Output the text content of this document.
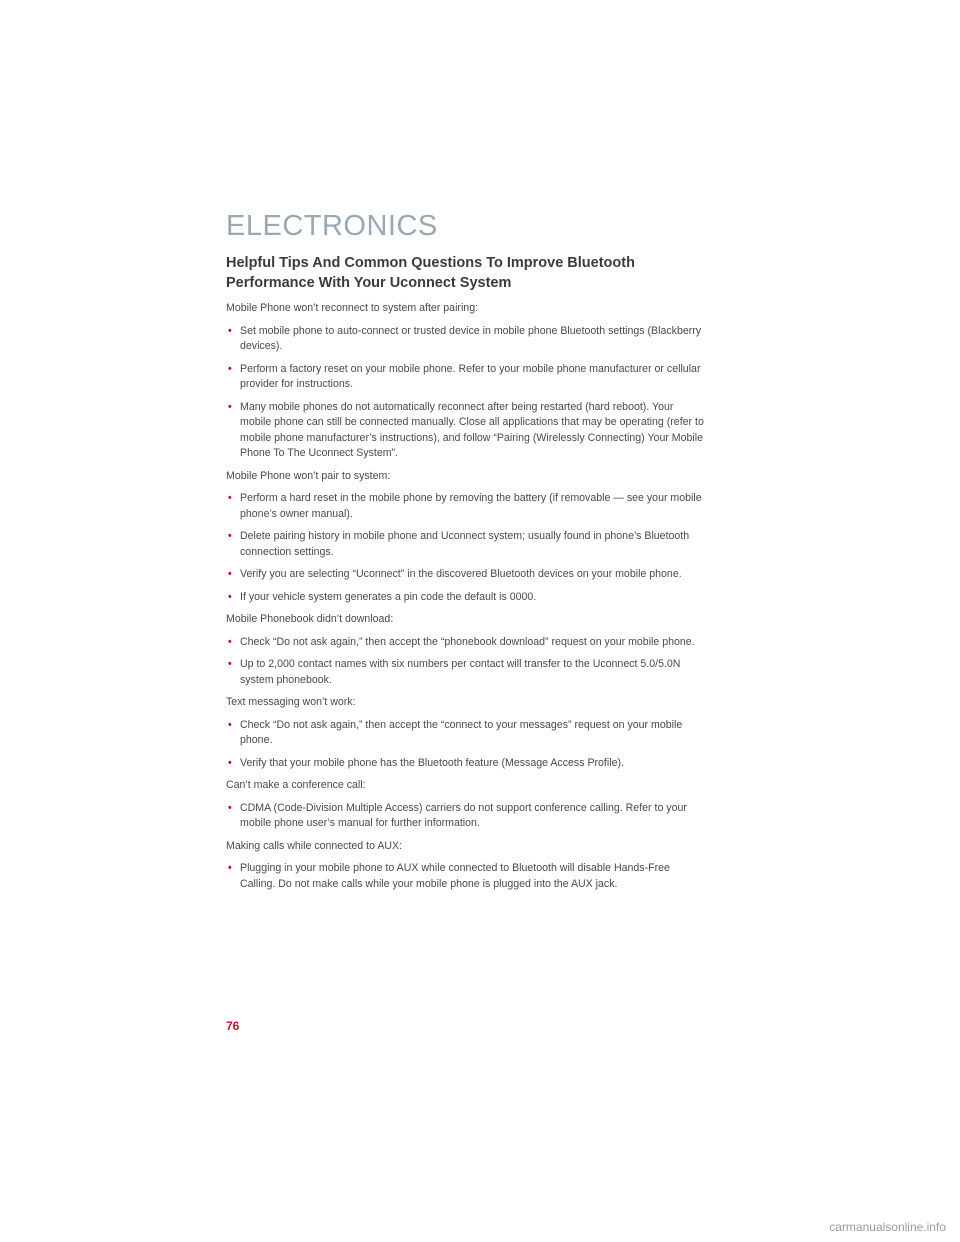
ELECTRONICS
Helpful Tips And Common Questions To Improve Bluetooth Performance With Your Uconnect System

Mobile Phone won’t reconnect to system after pairing:

• Set mobile phone to auto-connect or trusted device in mobile phone Bluetooth settings (Blackberry devices).
• Perform a factory reset on your mobile phone. Refer to your mobile phone manufacturer or cellular provider for instructions.
• Many mobile phones do not automatically reconnect after being restarted (hard reboot). Your mobile phone can still be connected manually. Close all applications that may be operating (refer to mobile phone manufacturer’s instructions), and follow “Pairing (Wirelessly Connecting) Your Mobile Phone To The Uconnect System”.

Mobile Phone won’t pair to system:

• Perform a hard reset in the mobile phone by removing the battery (if removable — see your mobile phone’s owner manual).
• Delete pairing history in mobile phone and Uconnect system; usually found in phone’s Bluetooth connection settings.
• Verify you are selecting “Uconnect” in the discovered Bluetooth devices on your mobile phone.
• If your vehicle system generates a pin code the default is 0000.

Mobile Phonebook didn’t download:

• Check “Do not ask again,” then accept the “phonebook download” request on your mobile phone.
• Up to 2,000 contact names with six numbers per contact will transfer to the Uconnect 5.0/5.0N system phonebook.

Text messaging won’t work:

• Check “Do not ask again,” then accept the “connect to your messages” request on your mobile phone.
• Verify that your mobile phone has the Bluetooth feature (Message Access Profile).

Can’t make a conference call:

• CDMA (Code-Division Multiple Access) carriers do not support conference calling. Refer to your mobile phone user’s manual for further information.

Making calls while connected to AUX:

• Plugging in your mobile phone to AUX while connected to Bluetooth will disable Hands-Free Calling. Do not make calls while your mobile phone is plugged into the AUX jack.

76

carmanualsonline.info
